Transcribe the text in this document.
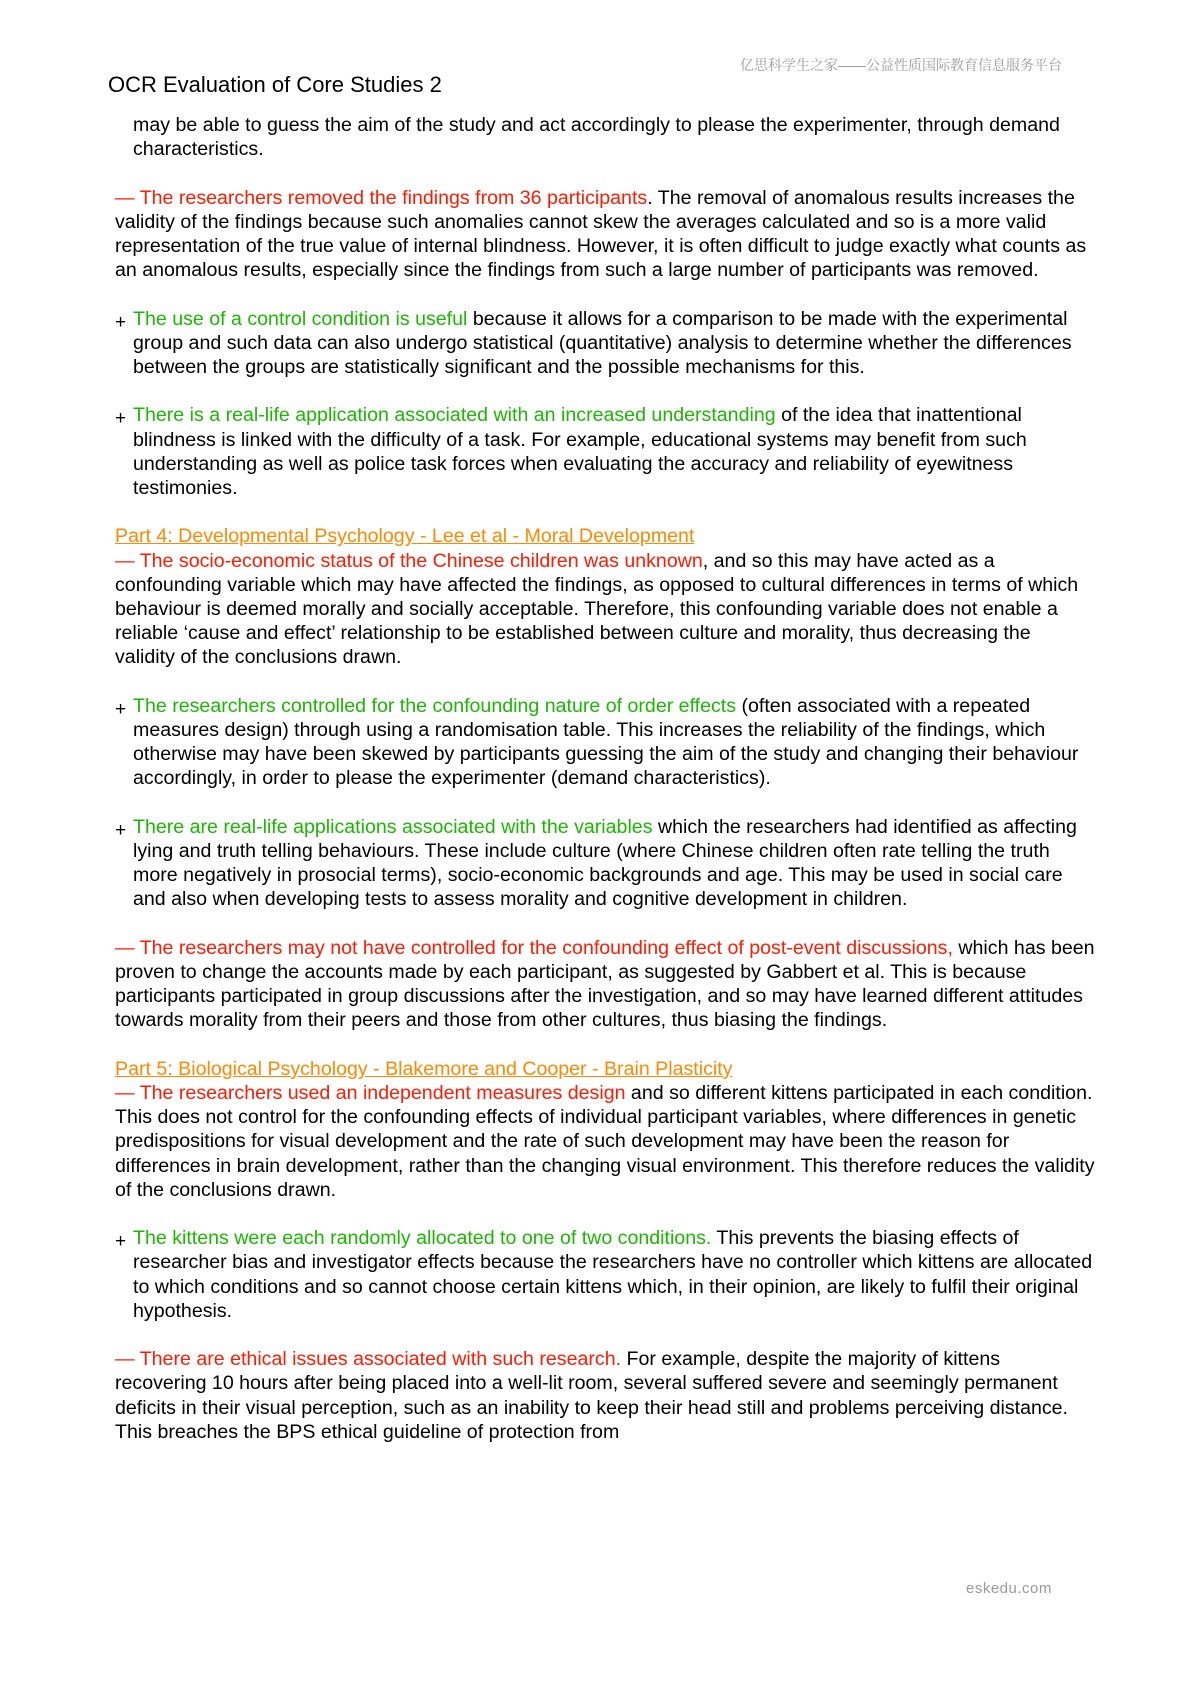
亿思科学生之家——公益性质国际教育信息服务平台
OCR Evaluation of Core Studies 2

may be able to guess the aim of the study and act accordingly to please the experimenter, through demand characteristics.

— The researchers removed the findings from 36 participants. The removal of anomalous results increases the validity of the findings because such anomalies cannot skew the averages calculated and so is a more valid representation of the true value of internal blindness. However, it is often difficult to judge exactly what counts as an anomalous results, especially since the findings from such a large number of participants was removed.

+ The use of a control condition is useful because it allows for a comparison to be made with the experimental group and such data can also undergo statistical (quantitative) analysis to determine whether the differences between the groups are statistically significant and the possible mechanisms for this.

+ There is a real-life application associated with an increased understanding of the idea that inattentional blindness is linked with the difficulty of a task. For example, educational systems may benefit from such understanding as well as police task forces when evaluating the accuracy and reliability of eyewitness testimonies.

Part 4: Developmental Psychology - Lee et al - Moral Development

— The socio-economic status of the Chinese children was unknown, and so this may have acted as a confounding variable which may have affected the findings, as opposed to cultural differences in terms of which behaviour is deemed morally and socially acceptable. Therefore, this confounding variable does not enable a reliable ‘cause and effect’ relationship to be established between culture and morality, thus decreasing the validity of the conclusions drawn.

+ The researchers controlled for the confounding nature of order effects (often associated with a repeated measures design) through using a randomisation table. This increases the reliability of the findings, which otherwise may have been skewed by participants guessing the aim of the study and changing their behaviour accordingly, in order to please the experimenter (demand characteristics).

+ There are real-life applications associated with the variables which the researchers had identified as affecting lying and truth telling behaviours. These include culture (where Chinese children often rate telling the truth more negatively in prosocial terms), socio-economic backgrounds and age. This may be used in social care and also when developing tests to assess morality and cognitive development in children.

— The researchers may not have controlled for the confounding effect of post-event discussions, which has been proven to change the accounts made by each participant, as suggested by Gabbert et al. This is because participants participated in group discussions after the investigation, and so may have learned different attitudes towards morality from their peers and those from other cultures, thus biasing the findings.

Part 5: Biological Psychology - Blakemore and Cooper - Brain Plasticity

— The researchers used an independent measures design and so different kittens participated in each condition. This does not control for the confounding effects of individual participant variables, where differences in genetic predispositions for visual development and the rate of such development may have been the reason for differences in brain development, rather than the changing visual environment. This therefore reduces the validity of the conclusions drawn.

+ The kittens were each randomly allocated to one of two conditions. This prevents the biasing effects of researcher bias and investigator effects because the researchers have no controller which kittens are allocated to which conditions and so cannot choose certain kittens which, in their opinion, are likely to fulfil their original hypothesis.

— There are ethical issues associated with such research. For example, despite the majority of kittens recovering 10 hours after being placed into a well-lit room, several suffered severe and seemingly permanent deficits in their visual perception, such as an inability to keep their head still and problems perceiving distance. This breaches the BPS ethical guideline of protection from

eskedu.com
